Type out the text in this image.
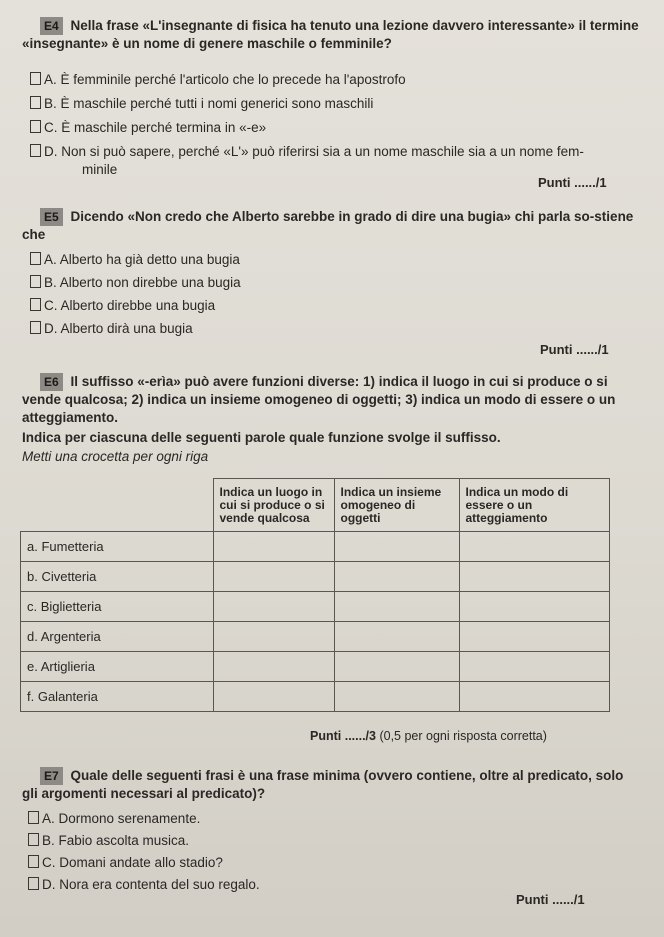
E4 Nella frase «L'insegnante di fisica ha tenuto una lezione davvero interessante» il termine «insegnante» è un nome di genere maschile o femminile?
A. È femminile perché l'articolo che lo precede ha l'apostrofo
B. È maschile perché tutti i nomi generici sono maschili
C. È maschile perché termina in «-e»
D. Non si può sapere, perché «L'» può riferirsi sia a un nome maschile sia a un nome fem-
minile
Punti ....../1
E5 Dicendo «Non credo che Alberto sarebbe in grado di dire una bugia» chi parla so-stiene che
A. Alberto ha già detto una bugia
B. Alberto non direbbe una bugia
C. Alberto direbbe una bugia
D. Alberto dirà una bugia
Punti ....../1
E6 Il suffisso «-erìa» può avere funzioni diverse: 1) indica il luogo in cui si produce o si vende qualcosa; 2) indica un insieme omogeneo di oggetti; 3) indica un modo di essere o un atteggiamento.
Indica per ciascuna delle seguenti parole quale funzione svolge il suffisso.
Metti una crocetta per ogni riga
	Indica un luogo in cui si produce o si vende qualcosa	Indica un insieme omogeneo di oggetti	Indica un modo di essere o un atteggiamento
a. Fumetteria			
b. Civetteria			
c. Biglietteria			
d. Argenteria			
e. Artiglieria			
f. Galanteria			
Punti ....../3 (0,5 per ogni risposta corretta)
E7 Quale delle seguenti frasi è una frase minima (ovvero contiene, oltre al predicato, solo gli argomenti necessari al predicato)?
A. Dormono serenamente.
B. Fabio ascolta musica.
C. Domani andate allo stadio?
D. Nora era contenta del suo regalo.
Punti ....../1
